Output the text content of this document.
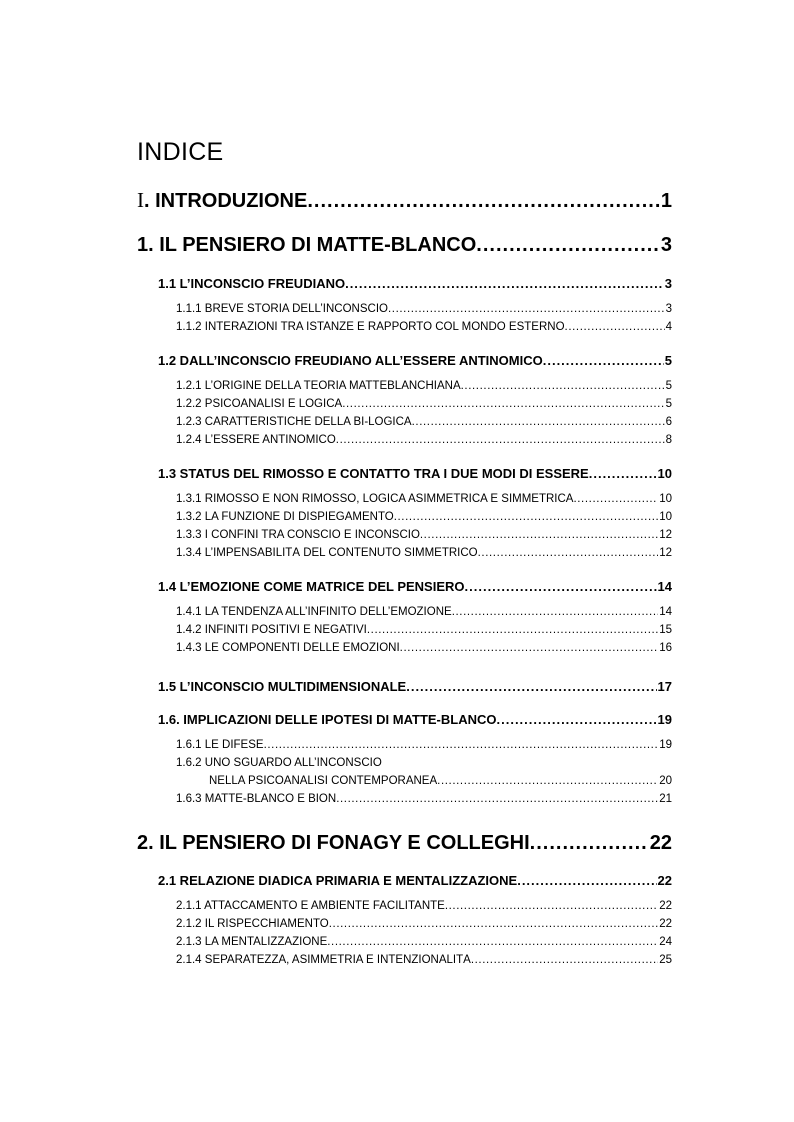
INDICE
I. INTRODUZIONE .....	1
1. IL PENSIERO DI MATTE-BLANCO .....	3
1.1 L’INCONSCIO FREUDIANO .....	3
1.1.1 BREVE STORIA DELL’INCONSCIO .....	3
1.1.2 INTERAZIONI TRA ISTANZE E RAPPORTO COL MONDO ESTERNO .....	4
1.2 DALL’INCONSCIO FREUDIANO ALL’ESSERE ANTINOMICO .....	5
1.2.1 L’ORIGINE DELLA TEORIA MATTEBLANCHIANA .....	5
1.2.2 PSICOANALISI E LOGICA .....	5
1.2.3 CARATTERISTICHE DELLA BI-LOGICA .....	6
1.2.4 L’ESSERE ANTINOMICO .....	8
1.3 STATUS DEL RIMOSSO E CONTATTO TRA I DUE MODI DI ESSERE .....	10
1.3.1 RIMOSSO E NON RIMOSSO, LOGICA ASIMMETRICA E SIMMETRICA .....	10
1.3.2 LA FUNZIONE DI DISPIEGAMENTO .....	10
1.3.3 I CONFINI TRA CONSCIO E INCONSCIO .....	12
1.3.4 L’IMPENSABILITÀ DEL CONTENUTO SIMMETRICO .....	12
1.4 L’EMOZIONE COME MATRICE DEL PENSIERO .....	14
1.4.1 LA TENDENZA ALL’INFINITO DELL’EMOZIONE .....	14
1.4.2 INFINITI POSITIVI E NEGATIVI .....	15
1.4.3 LE COMPONENTI DELLE EMOZIONI .....	16
1.5 L’INCONSCIO MULTIDIMENSIONALE .....	17
1.6. IMPLICAZIONI DELLE IPOTESI DI MATTE-BLANCO .....	19
1.6.1 LE DIFESE .....	19
1.6.2 UNO SGUARDO ALL’INCONSCIO
NELLA PSICOANALISI CONTEMPORANEA .....	20
1.6.3 MATTE-BLANCO E BION .....	21
2. IL PENSIERO DI FONAGY E COLLEGHI .....	22
2.1 RELAZIONE DIADICA PRIMARIA E MENTALIZZAZIONE .....	22
2.1.1 ATTACCAMENTO E AMBIENTE FACILITANTE .....	22
2.1.2 IL RISPECCHIAMENTO .....	22
2.1.3 LA MENTALIZZAZIONE .....	24
2.1.4 SEPARATEZZA, ASIMMETRIA E INTENZIONALITÀ .....	25
